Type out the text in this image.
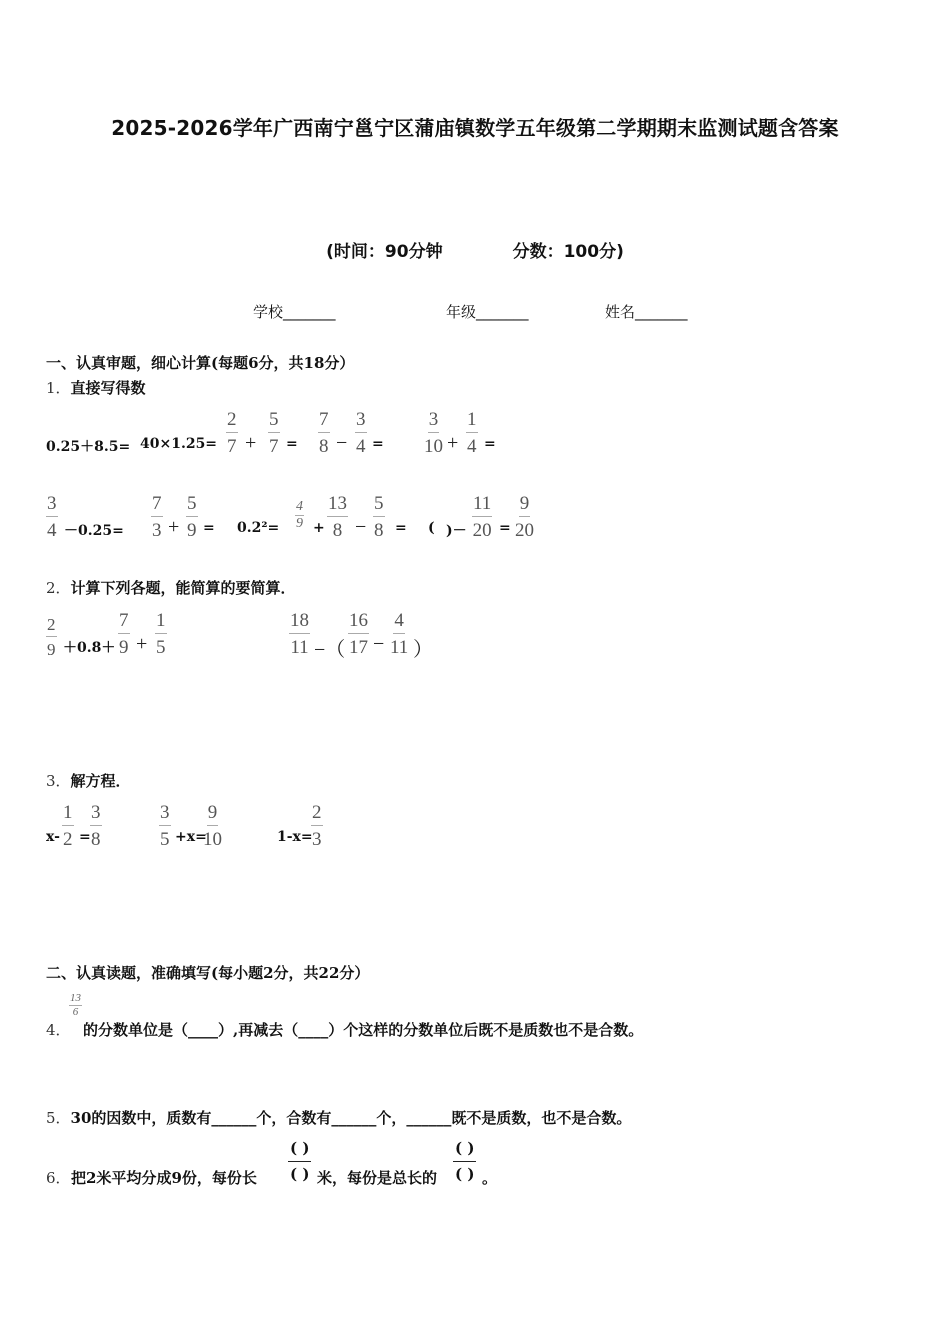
2025-2026学年广西南宁邕宁区蒲庙镇数学五年级第二学期期末监测试题含答案
(时间：90分钟	分数：100分)
学校_______	年级_______	姓名_______
一、认真审题，细心计算(每题6分，共18分）
1．直接写得数
$0.25+8.5= 40\times 1.25= \frac{2}{7} + \frac{5}{7} = \frac{7}{8} - \frac{3}{4} = \frac{3}{10} + \frac{1}{4}$ =
$\frac{3}{4} -0.25= \frac{7}{3} + \frac{5}{9} = 0.2^2= \frac{4}{9} + \frac{13}{8} - \frac{5}{8}$ = ( )－ $\frac{11}{20} = \frac{9}{20}$
2．计算下列各题，能简算的要简算．
$\frac{2}{9} +0.8+ \frac{7}{9} + \frac{1}{5}$	$\frac{18}{11}$ −（ $\frac{16}{17} - \frac{4}{11}$ ）
3．解方程．
$x- \frac{1}{2} = \frac{3}{8}$	$\frac{3}{5} +x=$
$\frac{9}{10}$	1-x=
$\frac{2}{3}$
二、认真读题，准确填写(每小题2分，共22分）
4．
$\frac{13}{6}$
的分数单位是（____）,再减去（____）个这样的分数单位后既不是质数也不是合数。
5．30的因数中，质数有______个，合数有______个，______既不是质数，也不是合数。
6． 把2米平均分成9份，每份长
( )
( ) 米，每份是总长的
( )
( ) 。
